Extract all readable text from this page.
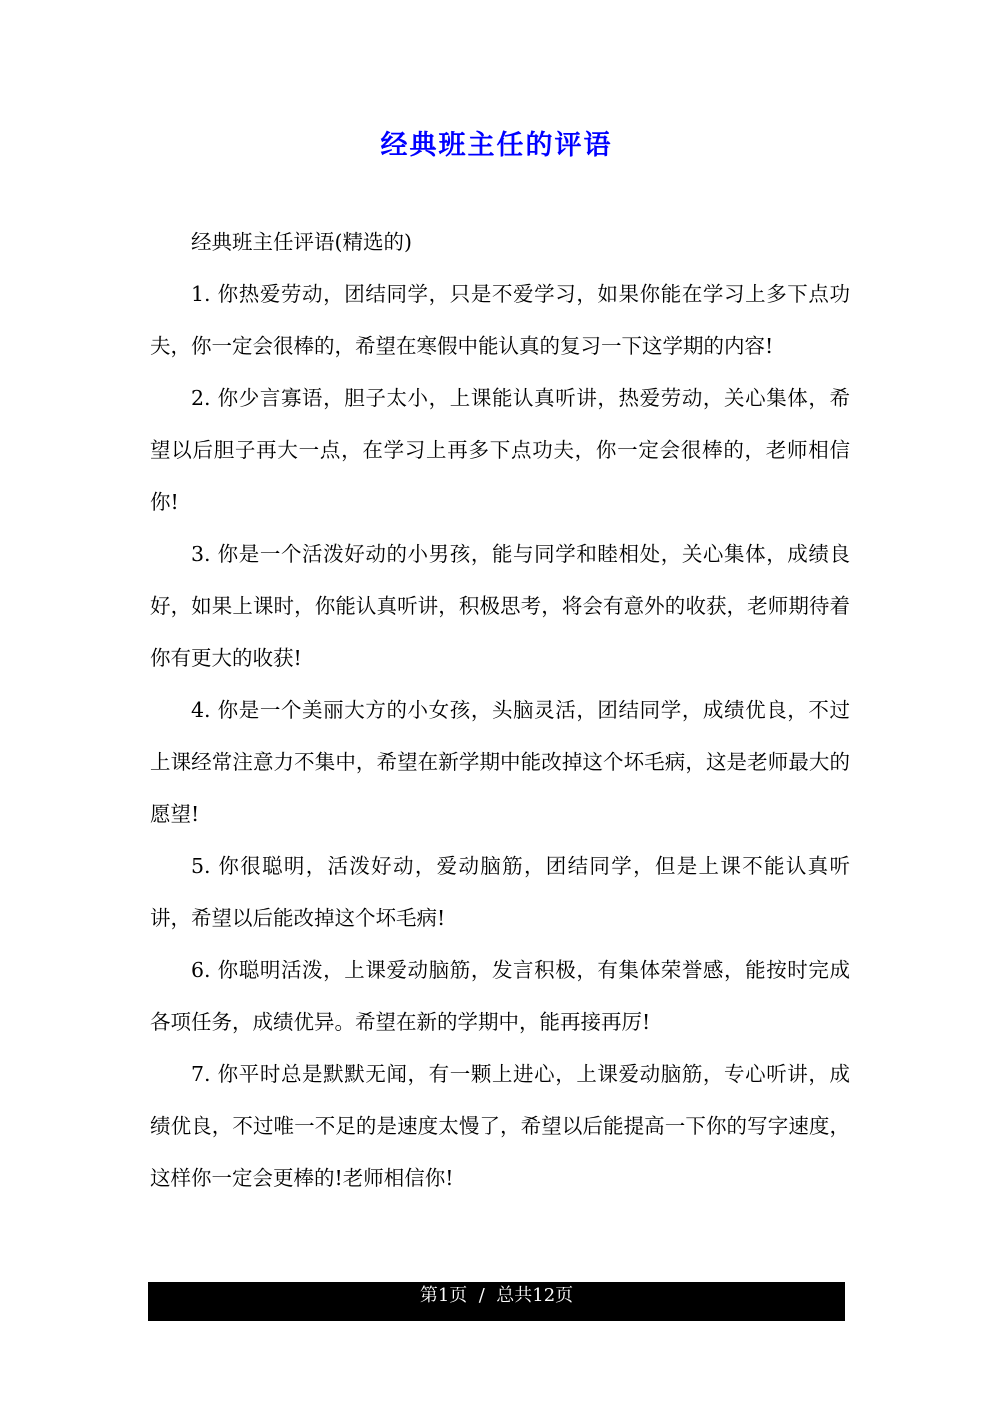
经典班主任的评语

经典班主任评语(精选的)

1. 你热爱劳动，团结同学，只是不爱学习，如果你能在学习上多下点功夫，你一定会很棒的，希望在寒假中能认真的复习一下这学期的内容!

2. 你少言寡语，胆子太小，上课能认真听讲，热爱劳动，关心集体，希望以后胆子再大一点，在学习上再多下点功夫，你一定会很棒的，老师相信你!

3. 你是一个活泼好动的小男孩，能与同学和睦相处，关心集体，成绩良好，如果上课时，你能认真听讲，积极思考，将会有意外的收获，老师期待着你有更大的收获!

4. 你是一个美丽大方的小女孩，头脑灵活，团结同学，成绩优良，不过上课经常注意力不集中，希望在新学期中能改掉这个坏毛病，这是老师最大的愿望!

5. 你很聪明，活泼好动，爱动脑筋，团结同学，但是上课不能认真听讲，希望以后能改掉这个坏毛病!

6. 你聪明活泼，上课爱动脑筋，发言积极，有集体荣誉感，能按时完成各项任务，成绩优异。希望在新的学期中，能再接再厉!

7. 你平时总是默默无闻，有一颗上进心，上课爱动脑筋，专心听讲，成绩优良，不过唯一不足的是速度太慢了，希望以后能提高一下你的写字速度，这样你一定会更棒的!老师相信你!

第1页  /  总共12页
